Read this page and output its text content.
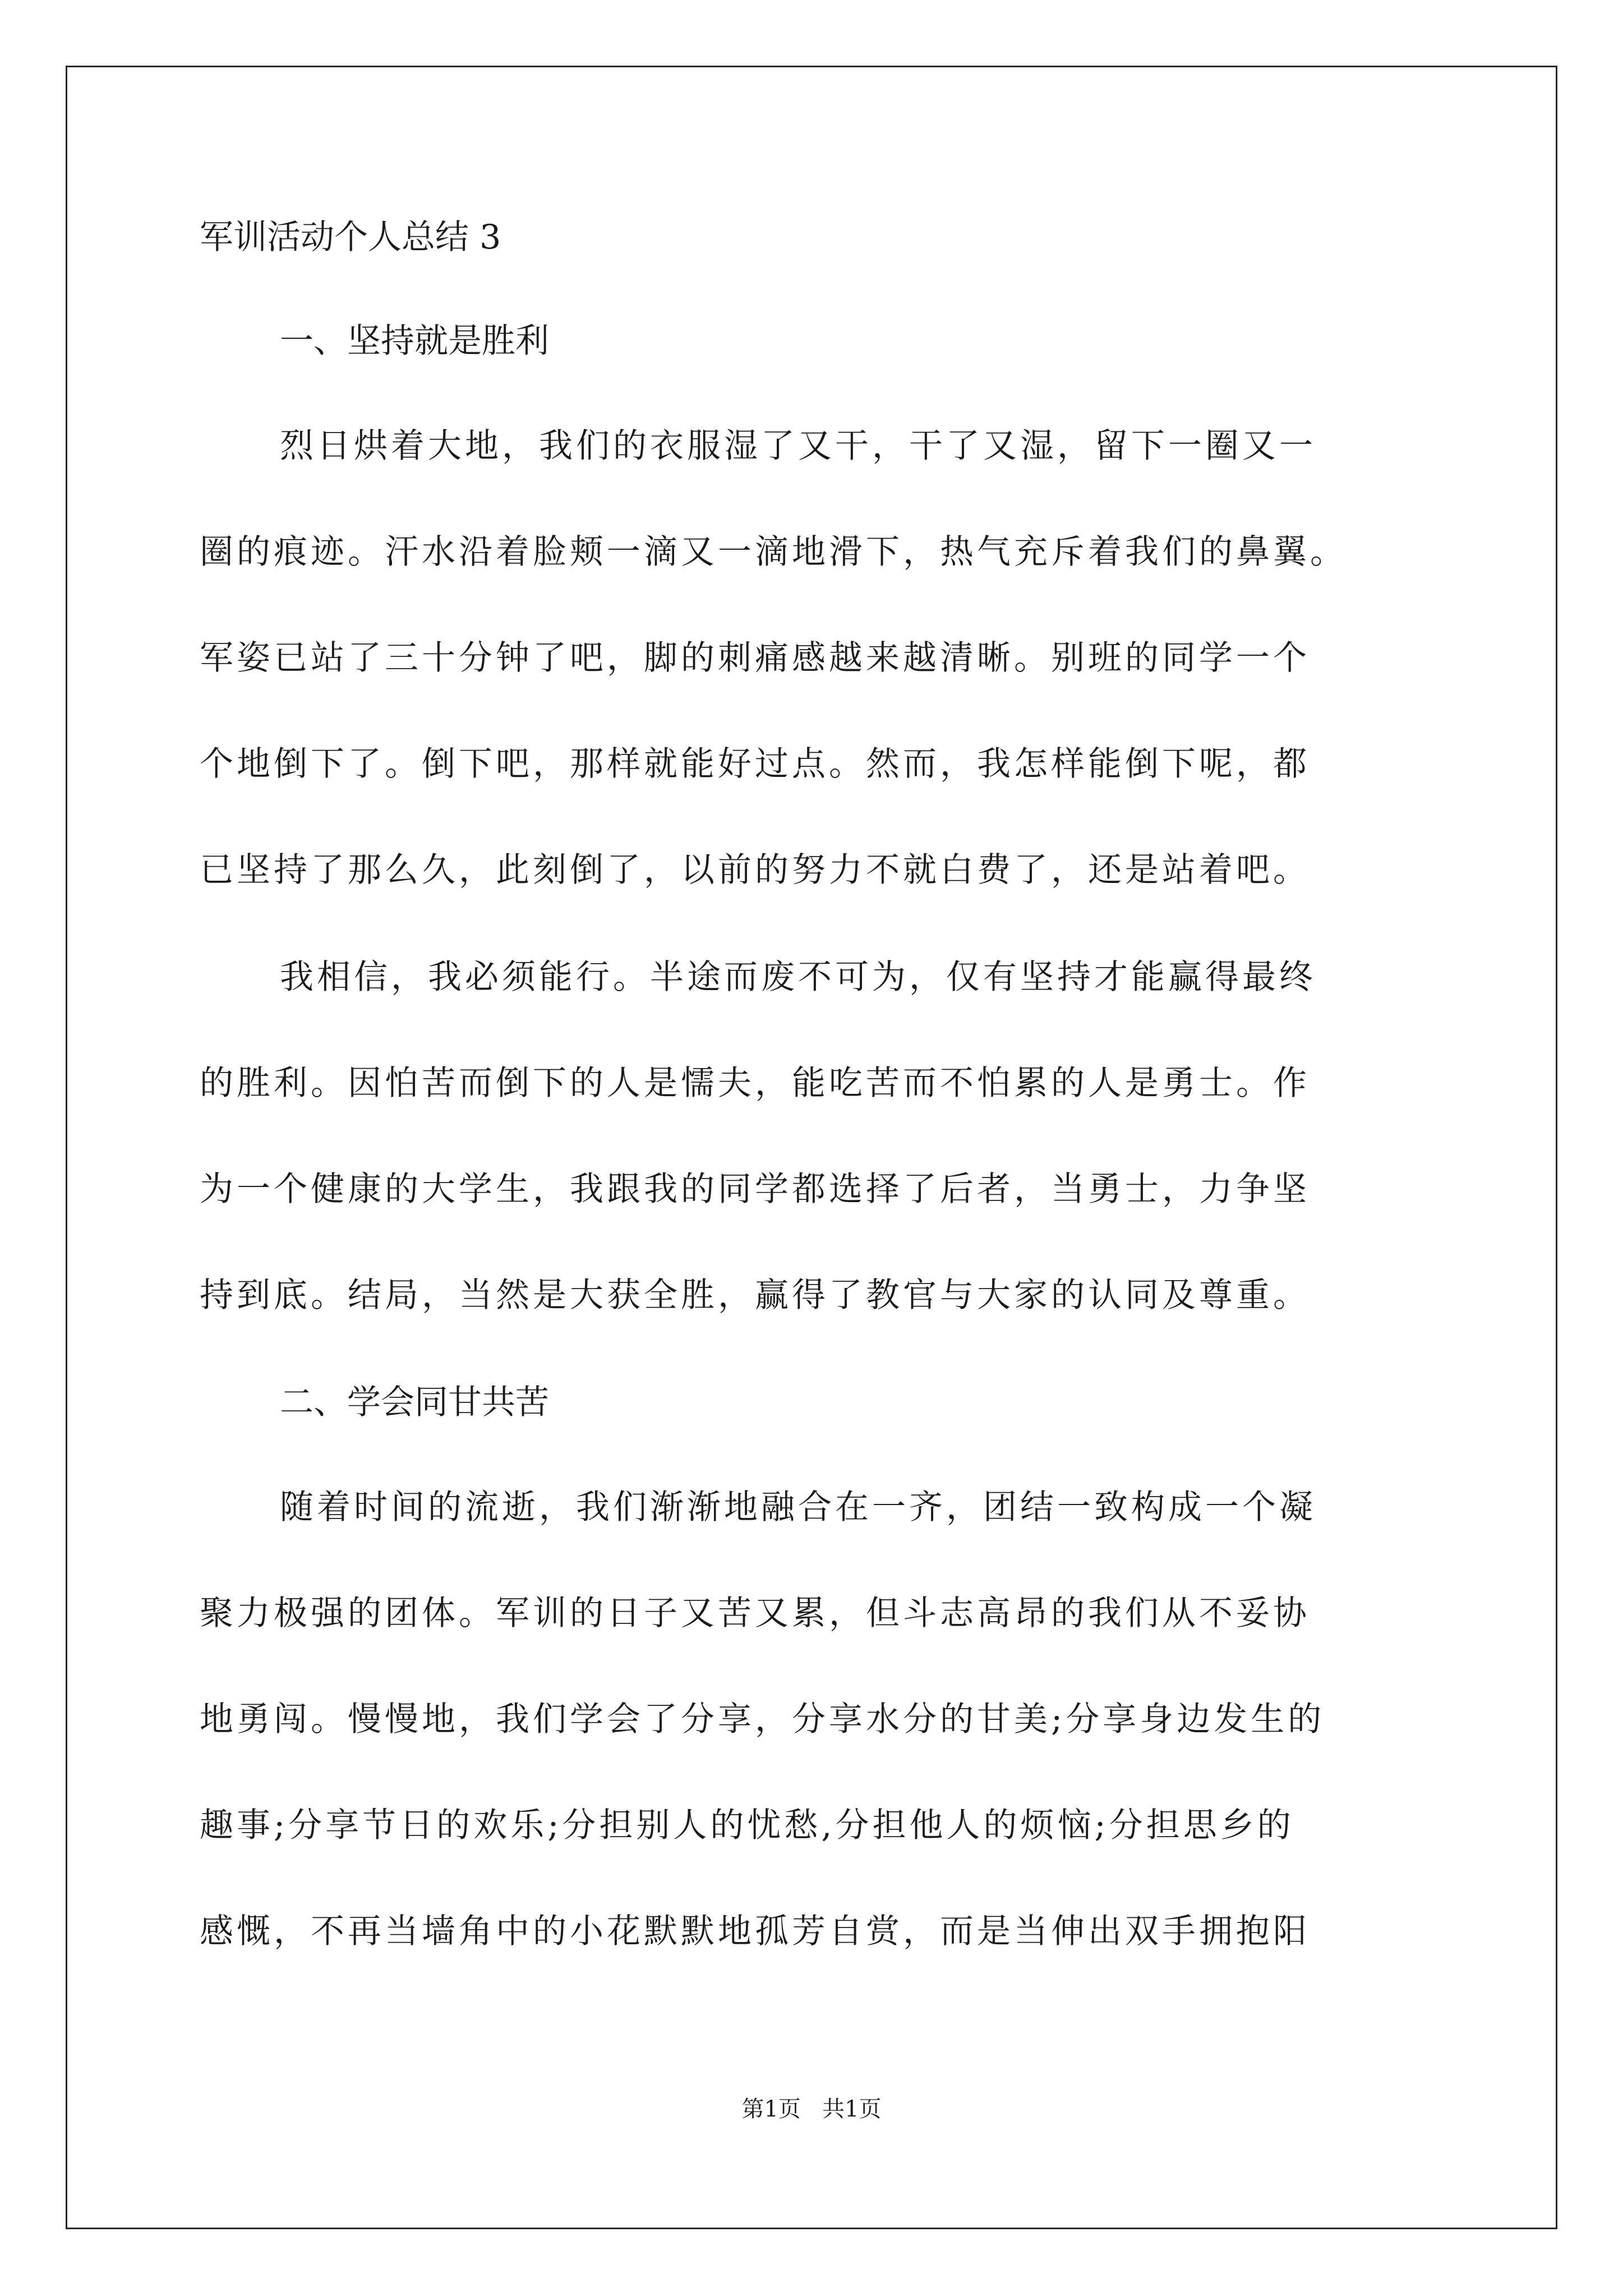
军训活动个人总结 3
一、坚持就是胜利
烈日烘着大地，我们的衣服湿了又干，干了又湿，留下一圈又一
圈的痕迹。汗水沿着脸颊一滴又一滴地滑下，热气充斥着我们的鼻翼。
军姿已站了三十分钟了吧，脚的刺痛感越来越清晰。别班的同学一个
个地倒下了。倒下吧，那样就能好过点。然而，我怎样能倒下呢，都
已坚持了那么久，此刻倒了，以前的努力不就白费了，还是站着吧。
我相信，我必须能行。半途而废不可为，仅有坚持才能赢得最终
的胜利。因怕苦而倒下的人是懦夫，能吃苦而不怕累的人是勇士。作
为一个健康的大学生，我跟我的同学都选择了后者，当勇士，力争坚
持到底。结局，当然是大获全胜，赢得了教官与大家的认同及尊重。
二、学会同甘共苦
随着时间的流逝，我们渐渐地融合在一齐，团结一致构成一个凝
聚力极强的团体。军训的日子又苦又累，但斗志高昂的我们从不妥协
地勇闯。慢慢地，我们学会了分享，分享水分的甘美;分享身边发生的
趣事;分享节日的欢乐;分担别人的忧愁,分担他人的烦恼;分担思乡的
感慨，不再当墙角中的小花默默地孤芳自赏，而是当伸出双手拥抱阳
第1页   共1页
